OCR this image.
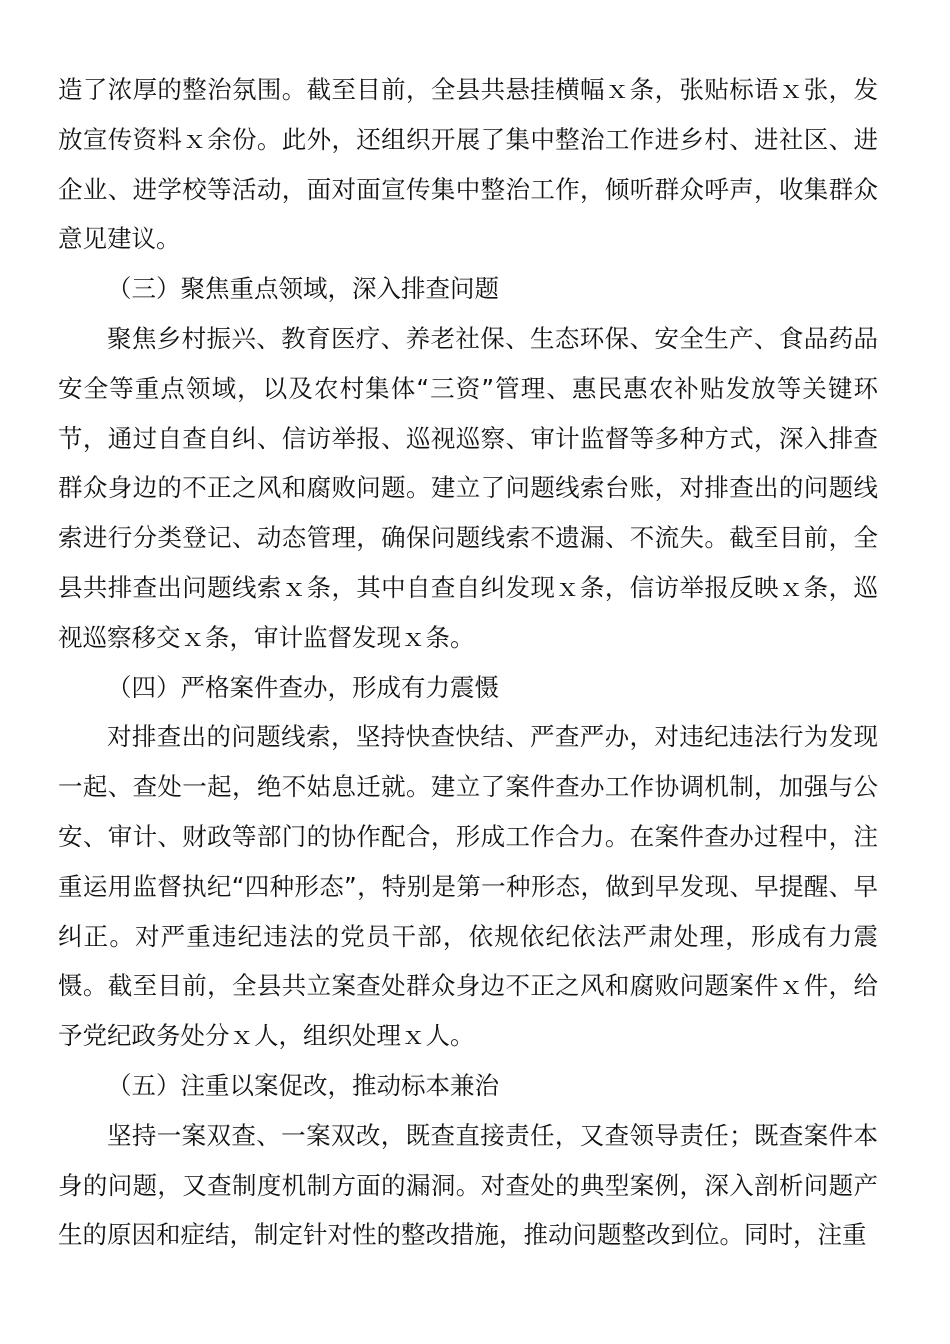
造了浓厚的整治氛围。截至目前，全县共悬挂横幅ｘ条，张贴标语ｘ张，发放宣传资料ｘ余份。此外，还组织开展了集中整治工作进乡村、进社区、进企业、进学校等活动，面对面宣传集中整治工作，倾听群众呼声，收集群众意见建议。

（三）聚焦重点领域，深入排查问题

聚焦乡村振兴、教育医疗、养老社保、生态环保、安全生产、食品药品安全等重点领域，以及农村集体“三资”管理、惠民惠农补贴发放等关键环节，通过自查自纠、信访举报、巡视巡察、审计监督等多种方式，深入排查群众身边的不正之风和腐败问题。建立了问题线索台账，对排查出的问题线索进行分类登记、动态管理，确保问题线索不遗漏、不流失。截至目前，全县共排查出问题线索ｘ条，其中自查自纠发现ｘ条，信访举报反映ｘ条，巡视巡察移交ｘ条，审计监督发现ｘ条。

（四）严格案件查办，形成有力震慑

对排查出的问题线索，坚持快查快结、严查严办，对违纪违法行为发现一起、查处一起，绝不姑息迁就。建立了案件查办工作协调机制，加强与公安、审计、财政等部门的协作配合，形成工作合力。在案件查办过程中，注重运用监督执纪“四种形态”，特别是第一种形态，做到早发现、早提醒、早纠正。对严重违纪违法的党员干部，依规依纪依法严肃处理，形成有力震慑。截至目前，全县共立案查处群众身边不正之风和腐败问题案件ｘ件，给予党纪政务处分ｘ人，组织处理ｘ人。

（五）注重以案促改，推动标本兼治

坚持一案双查、一案双改，既查直接责任，又查领导责任；既查案件本身的问题，又查制度机制方面的漏洞。对查处的典型案例，深入剖析问题产生的原因和症结，制定针对性的整改措施，推动问题整改到位。同时，注重
